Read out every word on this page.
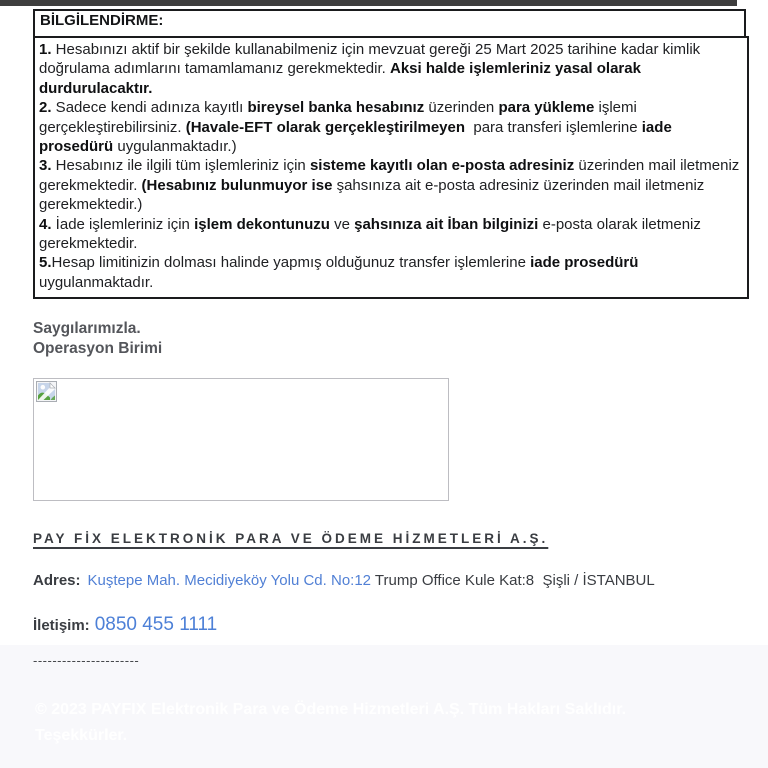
BİLGİLENDİRME:

1. Hesabınızı aktif bir şekilde kullanabilmeniz için mevzuat gereği 25 Mart 2025 tarihine kadar kimlik doğrulama adımlarını tamamlamanız gerekmektedir. Aksi halde işlemleriniz yasal olarak durdurulacaktır.

2. Sadece kendi adınıza kayıtlı bireysel banka hesabınız üzerinden para yükleme işlemi gerçekleştirebilirsiniz. (Havale-EFT olarak gerçekleştirilmeyen  para transferi işlemlerine iade prosedürü uygulanmaktadır.)

3. Hesabınız ile ilgili tüm işlemleriniz için sisteme kayıtlı olan e-posta adresiniz üzerinden mail iletmeniz gerekmektedir. (Hesabınız bulunmuyor ise şahsınıza ait e-posta adresiniz üzerinden mail iletmeniz gerekmektedir.)

4. İade işlemleriniz için işlem dekontunuzu ve şahsınıza ait İban bilginizi e-posta olarak iletmeniz gerekmektedir.

5.Hesap limitinizin dolması halinde yapmış olduğunuz transfer işlemlerine iade prosedürü uygulanmaktadır.

Saygılarımızla.
Operasyon Birimi
PAY FİX ELEKTRONİK PARA VE ÖDEME HİZMETLERİ A.Ş.
Adres: Kuştepe Mah. Mecidiyeköy Yolu Cd. No:12 Trump Office Kule Kat:8  Şişli / İSTANBUL
İletişim: 0850 455 1111
----------------------
© 2023 PAYFIX Elektronik Para ve Ödeme Hizmetleri A.Ş. Tüm Hakları Saklıdır.
Teşekkürler.
